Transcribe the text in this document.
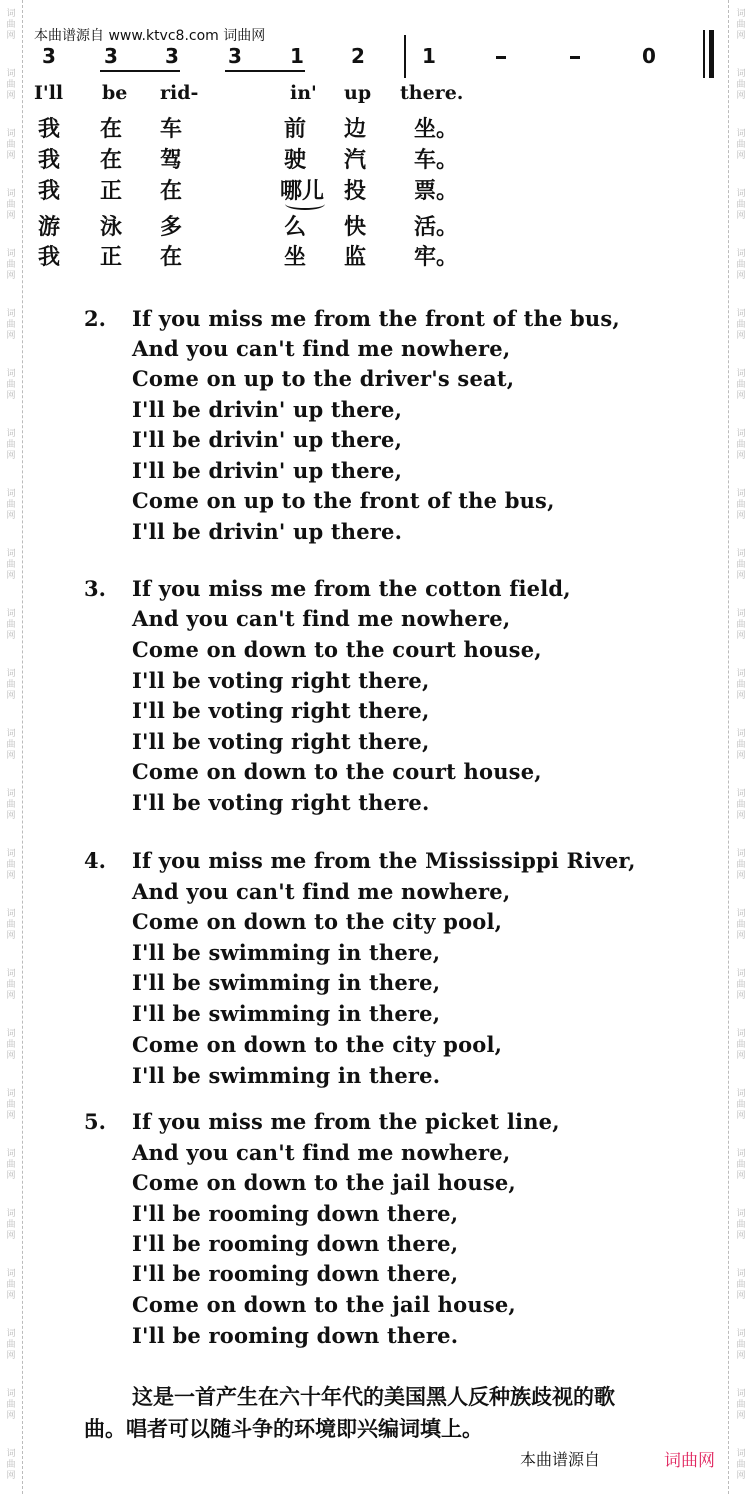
词
曲
网
词
曲
网
词
曲
网
词
曲
网
词
曲
网
词
曲
网
词
曲
网
词
曲
网
词
曲
网
词
曲
网
词
曲
网
词
曲
网
词
曲
网
词
曲
网
词
曲
网
词
曲
网
词
曲
网
词
曲
网
词
曲
网
词
曲
网
词
曲
网
词
曲
网
词
曲
网
词
曲
网
词
曲
网
词
曲
网
词
曲
网
词
曲
网
词
曲
网
词
曲
网
词
曲
网
词
曲
网
词
曲
网
词
曲
网
词
曲
网
词
曲
网
词
曲
网
词
曲
网
词
曲
网
词
曲
网
词
曲
网
词
曲
网
词
曲
网
词
曲
网
词
曲
网
词
曲
网
词
曲
网
词
曲
网
词
曲
网
词
曲
网
本曲谱源自 www.ktvc8.com 词曲网
3 3 3 3 1 2	1	0
I'll be rid-	in' up there.
我 在 车	前 边 坐。
我 在 驾	驶 汽 车。
我 正 在	哪儿 投 票。
游 泳 多	么 快 活。
我 正 在	坐 监 牢。
2. If you miss me from the front of the bus,
And you can't find me nowhere,
Come on up to the driver's seat,
I'll be drivin' up there,
I'll be drivin' up there,
I'll be drivin' up there,
Come on up to the front of the bus,
I'll be drivin' up there.
3. If you miss me from the cotton field,
And you can't find me nowhere,
Come on down to the court house,
I'll be voting right there,
I'll be voting right there,
I'll be voting right there,
Come on down to the court house,
I'll be voting right there.
4. If you miss me from the Mississippi River,
And you can't find me nowhere,
Come on down to the city pool,
I'll be swimming in there,
I'll be swimming in there,
I'll be swimming in there,
Come on down to the city pool,
I'll be swimming in there.
5. If you miss me from the picket line,
And you can't find me nowhere,
Come on down to the jail house,
I'll be rooming down there,
I'll be rooming down there,
I'll be rooming down there,
Come on down to the jail house,
I'll be rooming down there.
这是一首产生在六十年代的美国黑人反种族歧视的歌
曲。唱者可以随斗争的环境即兴编词填上。
本曲谱源自	词曲网
